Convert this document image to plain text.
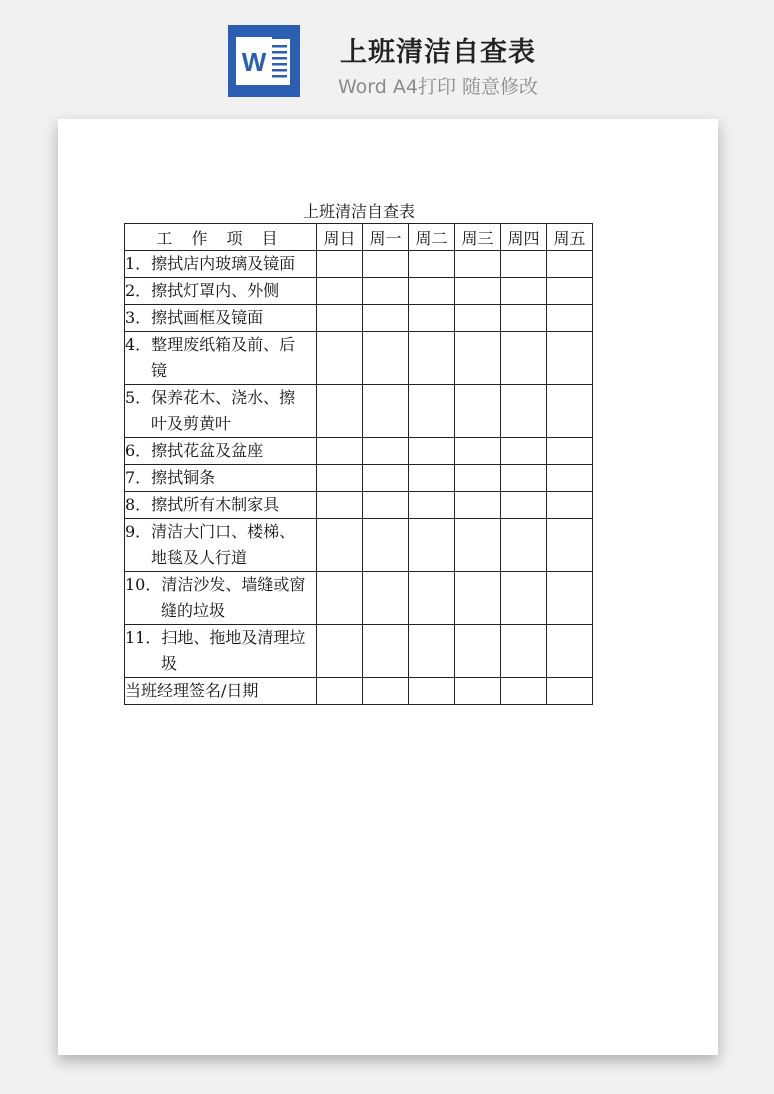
W	上班清洁自查表
Word A4打印 随意修改
上班清洁自查表
工 作 项 目	周日	周一	周二	周三	周四	周五

1．擦拭店内玻璃及镜面						

2．擦拭灯罩内、外侧						

3．擦拭画框及镜面						

4．整理废纸箱及前、后
镜						

5．保养花木、浇水、擦
叶及剪黄叶						

6．擦拭花盆及盆座						

7．擦拭铜条						

8．擦拭所有木制家具						

9．清洁大门口、楼梯、
地毯及人行道						

10．清洁沙发、墙缝或窗
缝的垃圾						

11．扫地、拖地及清理垃
圾						

当班经理签名/日期						
